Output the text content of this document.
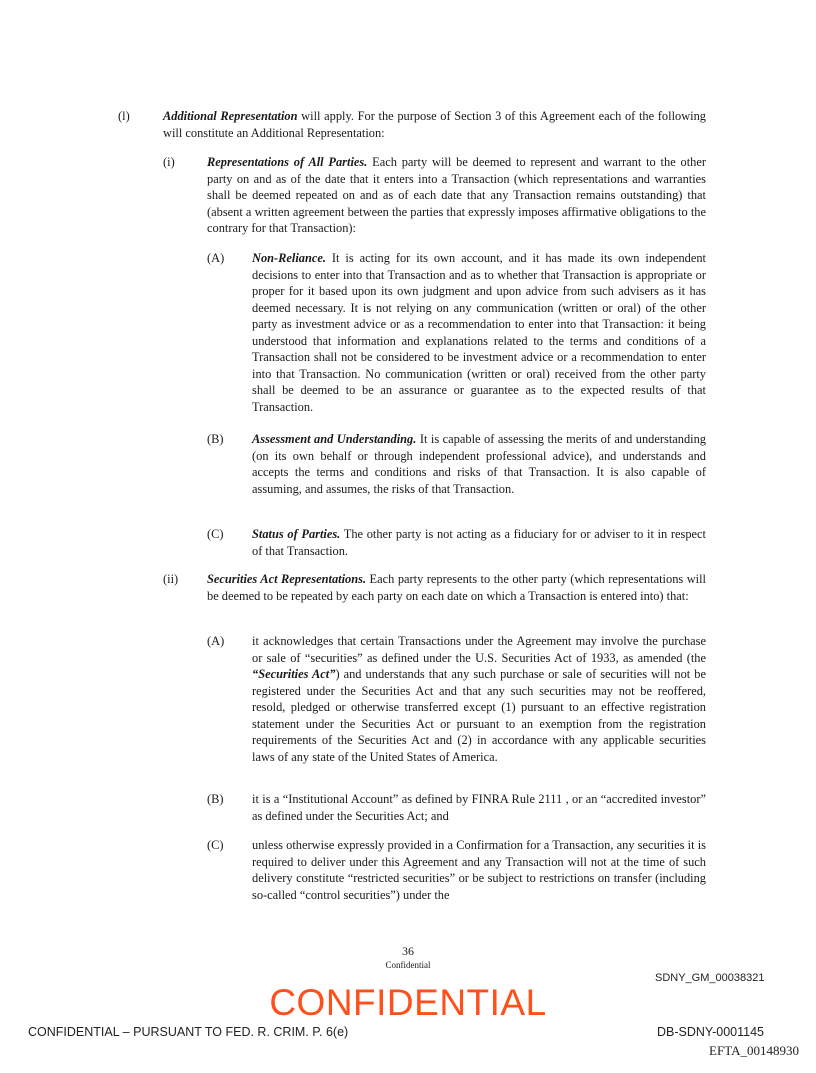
(l)	Additional Representation will apply. For the purpose of Section 3 of this Agreement each of the following will constitute an Additional Representation:

(i)	Representations of All Parties. Each party will be deemed to represent and warrant to the other party on and as of the date that it enters into a Transaction (which representations and warranties shall be deemed repeated on and as of each date that any Transaction remains outstanding) that (absent a written agreement between the parties that expressly imposes affirmative obligations to the contrary for that Transaction):

(A) Non-Reliance. It is acting for its own account, and it has made its own independent decisions to enter into that Transaction and as to whether that Transaction is appropriate or proper for it based upon its own judgment and upon advice from such advisers as it has deemed necessary. It is not relying on any communication (written or oral) of the other party as investment advice or as a recommendation to enter into that Transaction: it being understood that information and explanations related to the terms and conditions of a Transaction shall not be considered to be investment advice or a recommendation to enter into that Transaction. No communication (written or oral) received from the other party shall be deemed to be an assurance or guarantee as to the expected results of that Transaction.

(B) Assessment and Understanding. It is capable of assessing the merits of and understanding (on its own behalf or through independent professional advice), and understands and accepts the terms and conditions and risks of that Transaction. It is also capable of assuming, and assumes, the risks of that Transaction.

(C) Status of Parties. The other party is not acting as a fiduciary for or adviser to it in respect of that Transaction.

(ii) Securities Act Representations. Each party represents to the other party (which representations will be deemed to be repeated by each party on each date on which a Transaction is entered into) that:

(A) it acknowledges that certain Transactions under the Agreement may involve the purchase or sale of “securities” as defined under the U.S. Securities Act of 1933, as amended (the “Securities Act”) and understands that any such purchase or sale of securities will not be registered under the Securities Act and that any such securities may not be reoffered, resold, pledged or otherwise transferred except (1) pursuant to an effective registration statement under the Securities Act or pursuant to an exemption from the registration requirements of the Securities Act and (2) in accordance with any applicable securities laws of any state of the United States of America.

(B) it is a “Institutional Account” as defined by FINRA Rule 2111 , or an “accredited investor” as defined under the Securities Act; and

(C) unless otherwise expressly provided in a Confirmation for a Transaction, any securities it is required to deliver under this Agreement and any Transaction will not at the time of such delivery constitute “restricted securities” or be subject to restrictions on transfer (including so-called “control securities”) under the

36
Confidential
SDNY_GM_00038321
CONFIDENTIAL
CONFIDENTIAL – PURSUANT TO FED. R. CRIM. P. 6(e)	DB-SDNY-0001145
EFTA_00148930
